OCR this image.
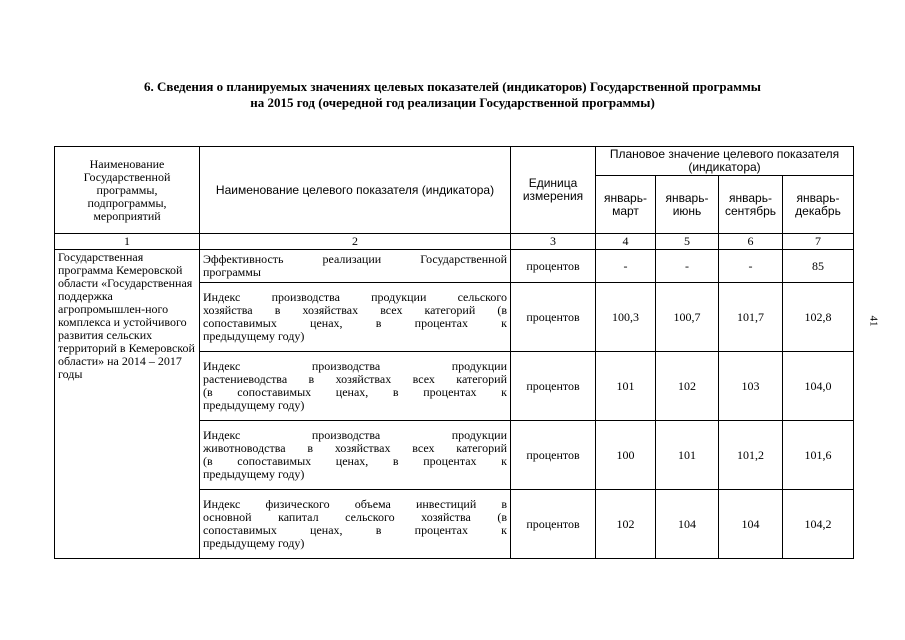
6. Сведения о планируемых значениях целевых показателей (индикаторов) Государственной программы
на 2015 год (очередной год реализации Государственной программы)
41
Наименование Государственной программы, подпрограммы, мероприятий	Наименование целевого показателя (индикатора)	Единица измерения	Плановое значение целевого показателя (индикатора)			
			январь-март	январь-июнь	январь-сентябрь	январь-декабрь
1	2	3	4	5	6	7
Государственная программа Кемеровской области «Государственная поддержка агропромышлен-ного комплекса и устойчивого развития сельских территорий в Кемеровской области» на 2014 – 2017 годы	Эффективность реализации Государственной
программы	процентов	-	-	-	85

	Индекс производства продукции сельского
хозяйства в хозяйствах всех категорий (в
сопоставимых ценах, в процентах к
предыдущему году)	процентов	100,3	100,7	101,7	102,8

	Индекс производства продукции
растениеводства в хозяйствах всех категорий
(в сопоставимых ценах, в процентах к
предыдущему году)	процентов	101	102	103	104,0

	Индекс производства продукции
животноводства в хозяйствах всех категорий
(в сопоставимых ценах, в процентах к
предыдущему году)	процентов	100	101	101,2	101,6

	Индекс физического объема инвестиций в
основной капитал сельского хозяйства (в
сопоставимых ценах, в процентах к
предыдущему году)	процентов	102	104	104	104,2
